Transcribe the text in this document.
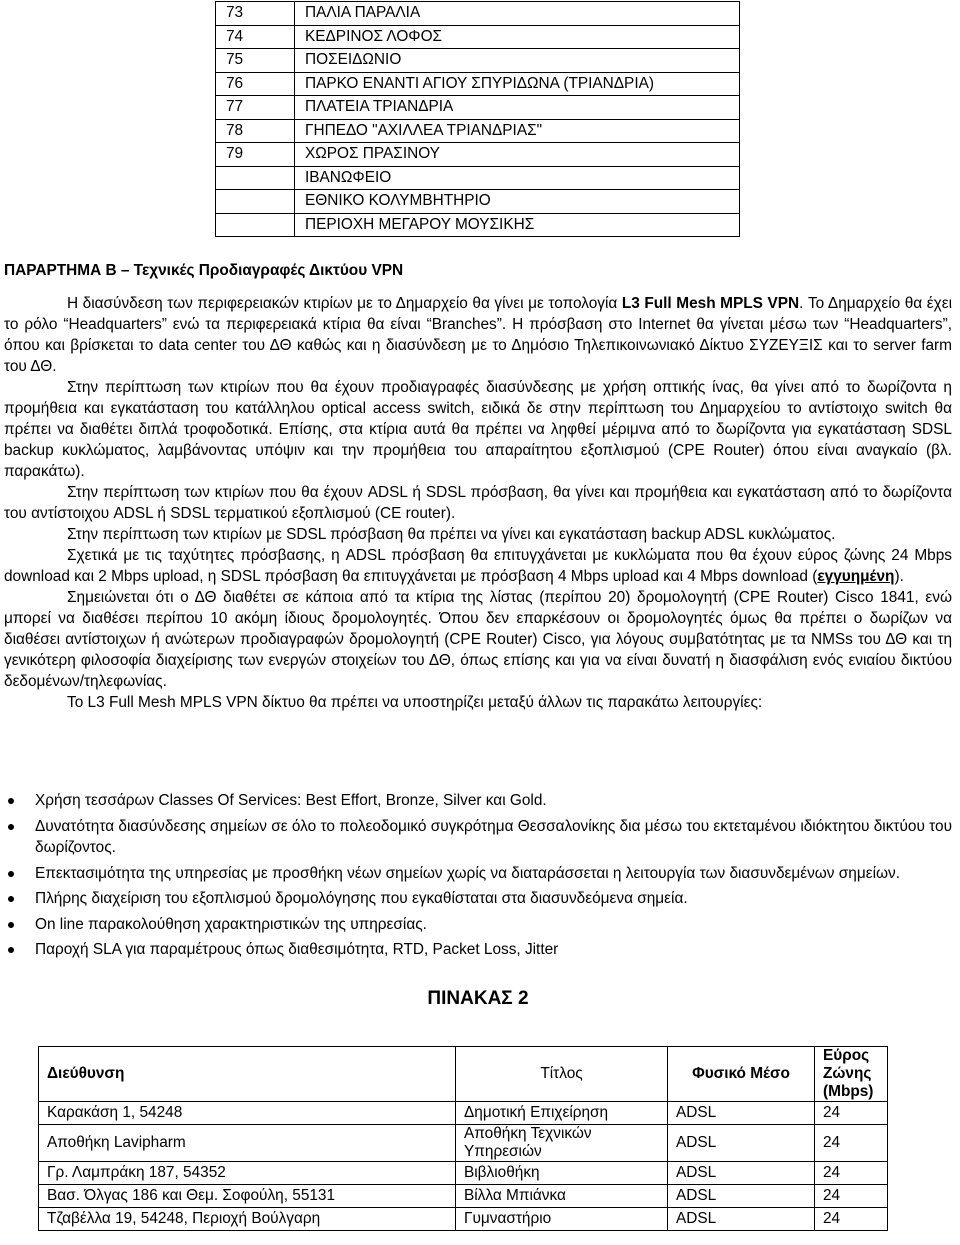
73	ΠΑΛΙΑ ΠΑΡΑΛΙΑ
74	ΚΕΔΡΙΝΟΣ ΛΟΦΟΣ
75	ΠΟΣΕΙΔΩΝΙΟ
76	ΠΑΡΚΟ ΕΝΑΝΤΙ ΑΓΙΟΥ ΣΠΥΡΙΔΩΝΑ (ΤΡΙΑΝΔΡΙΑ)
77	ΠΛΑΤΕΙΑ ΤΡΙΑΝΔΡΙΑ
78	ΓΗΠΕΔΟ "ΑΧΙΛΛΕΑ ΤΡΙΑΝΔΡΙΑΣ"
79	ΧΩΡΟΣ ΠΡΑΣΙΝΟΥ
	ΙΒΑΝΩΦΕΙΟ
	ΕΘΝΙΚΟ ΚΟΛΥΜΒΗΤΗΡΙΟ
	ΠΕΡΙΟΧΗ ΜΕΓΑΡΟΥ ΜΟΥΣΙΚΗΣ
ΠΑΡΑΡΤΗΜΑ Β – Τεχνικές Προδιαγραφές Δικτύου VPN

Η διασύνδεση των περιφερειακών κτιρίων με το Δημαρχείο θα γίνει με τοπολογία L3 Full Mesh MPLS VPN. Το Δημαρχείο θα έχει το ρόλο “Headquarters” ενώ τα περιφερειακά κτίρια θα είναι “Branches”. Η πρόσβαση στο Internet θα γίνεται μέσω των “Headquarters”, όπου και βρίσκεται το data center του ΔΘ καθώς και η διασύνδεση με το Δημόσιο Τηλεπικοινωνιακό Δίκτυο ΣΥΖΕΥΞΙΣ και το server farm του ΔΘ.

Στην περίπτωση των κτιρίων που θα έχουν προδιαγραφές διασύνδεσης με χρήση οπτικής ίνας, θα γίνει από το δωρίζοντα η προμήθεια και εγκατάσταση του κατάλληλου optical access switch, ειδικά δε στην περίπτωση του Δημαρχείου το αντίστοιχο switch θα πρέπει να διαθέτει διπλά τροφοδοτικά. Επίσης, στα κτίρια αυτά θα πρέπει να ληφθεί μέριμνα από το δωρίζοντα για εγκατάσταση SDSL backup κυκλώματος, λαμβάνοντας υπόψιν και την προμήθεια του απαραίτητου εξοπλισμού (CPE Router) όπου είναι αναγκαίο (βλ. παρακάτω).

Στην περίπτωση των κτιρίων που θα έχουν ADSL ή SDSL πρόσβαση, θα γίνει και προμήθεια και εγκατάσταση από το δωρίζοντα του αντίστοιχου ADSL ή SDSL τερματικού εξοπλισμού (CE router).

Στην περίπτωση των κτιρίων με SDSL πρόσβαση θα πρέπει να γίνει και εγκατάσταση backup ADSL κυκλώματος.

Σχετικά με τις ταχύτητες πρόσβασης, η ADSL πρόσβαση θα επιτυγχάνεται με κυκλώματα που θα έχουν εύρος ζώνης 24 Mbps download και 2 Mbps upload, η SDSL πρόσβαση θα επιτυγχάνεται με πρόσβαση 4 Mbps upload και 4 Mbps download (εγγυημένη).

Σημειώνεται ότι ο ΔΘ διαθέτει σε κάποια από τα κτίρια της λίστας (περίπου 20) δρομολογητή (CPE Router) Cisco 1841, ενώ μπορεί να διαθέσει περίπου 10 ακόμη ίδιους δρομολογητές. Όπου δεν επαρκέσουν οι δρομολογητές όμως θα πρέπει ο δωρίζων να διαθέσει αντίστοιχων ή ανώτερων προδιαγραφών δρομολογητή (CPE Router) Cisco, για λόγους συμβατότητας με τα NMSs του ΔΘ και τη γενικότερη φιλοσοφία διαχείρισης των ενεργών στοιχείων του ΔΘ, όπως επίσης και για να είναι δυνατή η διασφάλιση ενός ενιαίου δικτύου δεδομένων/τηλεφωνίας.

Το L3 Full Mesh MPLS VPN δίκτυο θα πρέπει να υποστηρίζει μεταξύ άλλων τις παρακάτω λειτουργίες:

Χρήση τεσσάρων Classes Of Services: Best Effort, Bronze, Silver και Gold.
Δυνατότητα διασύνδεσης σημείων σε όλο το πολεοδομικό συγκρότημα Θεσσαλονίκης δια μέσω του εκτεταμένου ιδιόκτητου δικτύου του δωρίζοντος.
Επεκτασιμότητα της υπηρεσίας με προσθήκη νέων σημείων χωρίς να διαταράσσεται η λειτουργία των διασυνδεμένων σημείων.
Πλήρης διαχείριση του εξοπλισμού δρομολόγησης που εγκαθίσταται στα διασυνδεόμενα σημεία.
On line παρακολούθηση χαρακτηριστικών της υπηρεσίας.
Παροχή SLA για παραμέτρους όπως διαθεσιμότητα, RTD, Packet Loss, Jitter
ΠΙΝΑΚΑΣ 2
Διεύθυνση	Τίτλος	Φυσικό Μέσο	Εύρος Ζώνης (Mbps)
Καρακάση 1, 54248	Δημοτική Επιχείρηση	ADSL	24
Αποθήκη Lavipharm	Αποθήκη Τεχνικών Υπηρεσιών	ADSL	24
Γρ. Λαμπράκη 187, 54352	Βιβλιοθήκη	ADSL	24
Βασ. Όλγας 186 και Θεμ. Σοφούλη, 55131	Βίλλα Μπιάνκα	ADSL	24
Τζαβέλλα 19, 54248, Περιοχή Βούλγαρη	Γυμναστήριο	ADSL	24
